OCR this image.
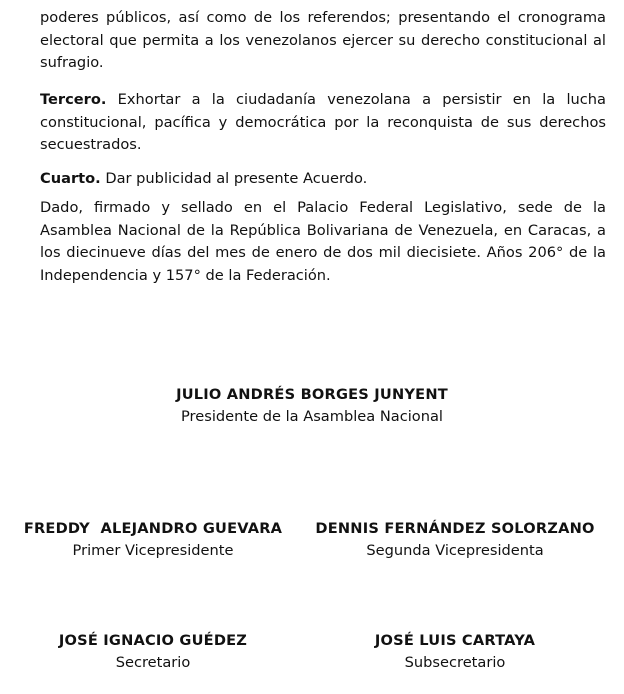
poderes públicos, así como de los referendos; presentando el cronograma electoral que permita a los venezolanos ejercer su derecho constitucional al sufragio.

Tercero. Exhortar a la ciudadanía venezolana a persistir en la lucha constitucional, pacífica y democrática por la reconquista de sus derechos secuestrados.

Cuarto. Dar publicidad al presente Acuerdo.

Dado, firmado y sellado en el Palacio Federal Legislativo, sede de la Asamblea Nacional de la República Bolivariana de Venezuela, en Caracas, a los diecinueve días del mes de enero de dos mil diecisiete. Años 206° de la Independencia y 157° de la Federación.

JULIO ANDRÉS BORGES JUNYENT
Presidente de la Asamblea Nacional
FREDDY  ALEJANDRO GUEVARA
Primer Vicepresidente
DENNIS FERNÁNDEZ SOLORZANO
Segunda Vicepresidenta
JOSÉ IGNACIO GUÉDEZ
Secretario
JOSÉ LUIS CARTAYA
Subsecretario
